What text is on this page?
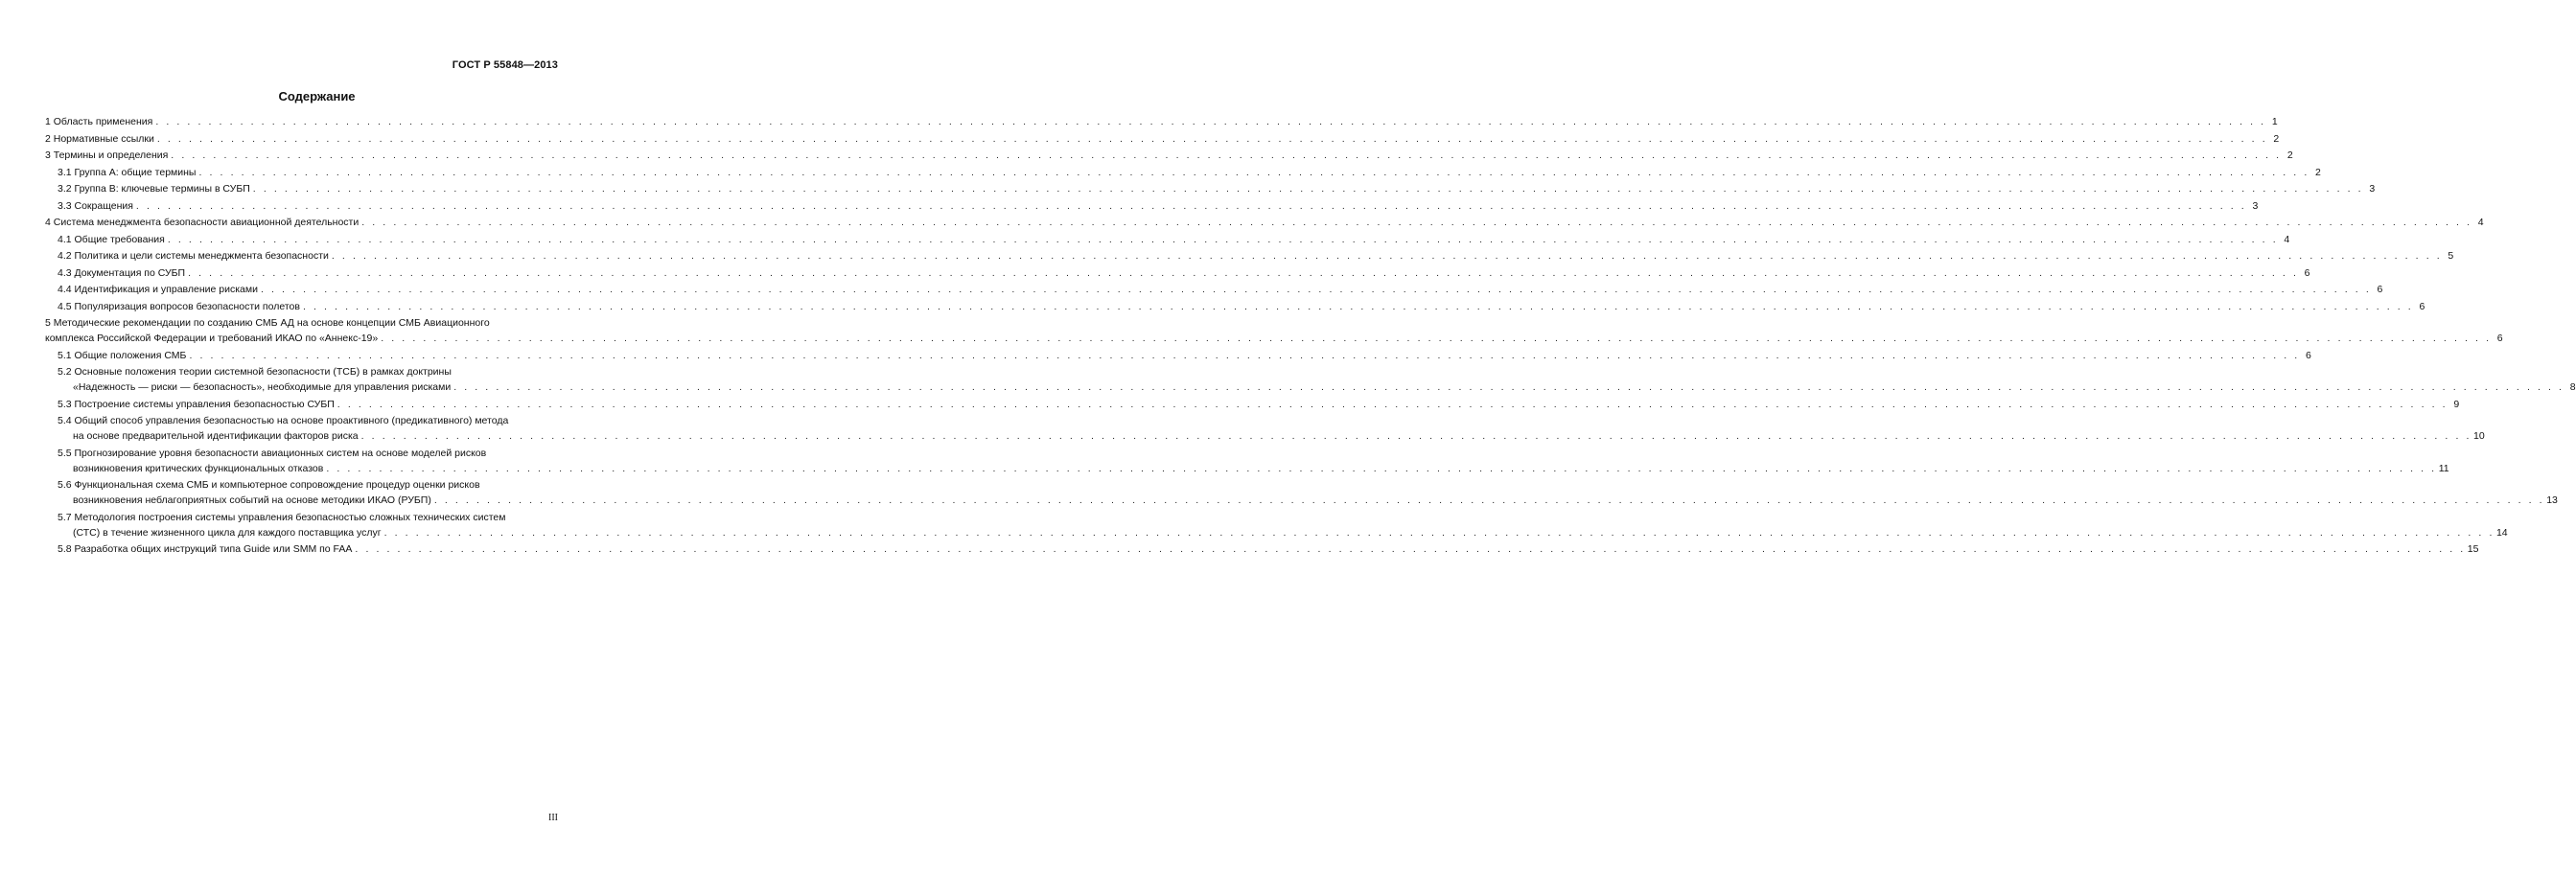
ГОСТ Р 55848—2013
Содержание
1 Область применения . . . . . . . . . . . . . . . . . . . . . . . . . . . . . . . . . . . . . . . . . . . . . . . . . . . . . . . . . . . . . . . . . . . . . . . . . . . . . . . . . . . . . . . . . . . . . . . . . . . . . . . . . . . . . . . . . . . . . . . . . . . . . . . . . . . . . . . . . . . . . . . . . . . . . . . . . . . . . . . . . . . . . . . . . . . . . . . . . . . . . . . . . . . . . . . . . . . . . . . . 1
2 Нормативные ссылки . . . . . . . . . . . . . . . . . . . . . . . . . . . . . . . . . . . . . . . . . . . . . . . . . . . . . . . . . . . . . . . . . . . . . . . . . . . . . . . . . . . . . . . . . . . . . . . . . . . . . . . . . . . . . . . . . . . . . . . . . . . . . . . . . . . . . . . . . . . . . . . . . . . . . . . . . . . . . . . . . . . . . . . . . . . . . . . . . . . . . . . . . . . . . . . . . . . . . . . . 2
3 Термины и определения . . . . . . . . . . . . . . . . . . . . . . . . . . . . . . . . . . . . . . . . . . . . . . . . . . . . . . . . . . . . . . . . . . . . . . . . . . . . . . . . . . . . . . . . . . . . . . . . . . . . . . . . . . . . . . . . . . . . . . . . . . . . . . . . . . . . . . . . . . . . . . . . . . . . . . . . . . . . . . . . . . . . . . . . . . . . . . . . . . . . . . . . . . . . . . . . . . . . . . . . 2
3.1 Группа А: общие термины . . . . . . . . . . . . . . . . . . . . . . . . . . . . . . . . . . . . . . . . . . . . . . . . . . . . . . . . . . . . . . . . . . . . . . . . . . . . . . . . . . . . . . . . . . . . . . . . . . . . . . . . . . . . . . . . . . . . . . . . . . . . . . . . . . . . . . . . . . . . . . . . . . . . . . . . . . . . . . . . . . . . . . . . . . . . . . . . . . . . . . . . . . . . . . . . . . . . . . . . 2
3.2 Группа В: ключевые термины в СУБП . . . . . . . . . . . . . . . . . . . . . . . . . . . . . . . . . . . . . . . . . . . . . . . . . . . . . . . . . . . . . . . . . . . . . . . . . . . . . . . . . . . . . . . . . . . . . . . . . . . . . . . . . . . . . . . . . . . . . . . . . . . . . . . . . . . . . . . . . . . . . . . . . . . . . . . . . . . . . . . . . . . . . . . . . . . . . . . . . . . . . . . . . . . . . . . . . . . . . . . . 3
3.3 Сокращения . . . . . . . . . . . . . . . . . . . . . . . . . . . . . . . . . . . . . . . . . . . . . . . . . . . . . . . . . . . . . . . . . . . . . . . . . . . . . . . . . . . . . . . . . . . . . . . . . . . . . . . . . . . . . . . . . . . . . . . . . . . . . . . . . . . . . . . . . . . . . . . . . . . . . . . . . . . . . . . . . . . . . . . . . . . . . . . . . . . . . . . . . . . . . . . . . . . . . . . . 3
4 Система менеджмента безопасности авиационной деятельности . . . . . . . . . . . . . . . . . . . . . . . . . . . . . . . . . . . . . . . . . . . . . . . . . . . . . . . . . . . . . . . . . . . . . . . . . . . . . . . . . . . . . . . . . . . . . . . . . . . . . . . . . . . . . . . . . . . . . . . . . . . . . . . . . . . . . . . . . . . . . . . . . . . . . . . . . . . . . . . . . . . . . . . . . . . . . . . . . . . . . . . . . . . . . . . . . . . . . . . . 4
4.1 Общие требования . . . . . . . . . . . . . . . . . . . . . . . . . . . . . . . . . . . . . . . . . . . . . . . . . . . . . . . . . . . . . . . . . . . . . . . . . . . . . . . . . . . . . . . . . . . . . . . . . . . . . . . . . . . . . . . . . . . . . . . . . . . . . . . . . . . . . . . . . . . . . . . . . . . . . . . . . . . . . . . . . . . . . . . . . . . . . . . . . . . . . . . . . . . . . . . . . . . . . . . . 4
4.2 Политика и цели системы менеджмента безопасности . . . . . . . . . . . . . . . . . . . . . . . . . . . . . . . . . . . . . . . . . . . . . . . . . . . . . . . . . . . . . . . . . . . . . . . . . . . . . . . . . . . . . . . . . . . . . . . . . . . . . . . . . . . . . . . . . . . . . . . . . . . . . . . . . . . . . . . . . . . . . . . . . . . . . . . . . . . . . . . . . . . . . . . . . . . . . . . . . . . . . . . . . . . . . . . . . . . . . . . . 5
4.3 Документация по СУБП . . . . . . . . . . . . . . . . . . . . . . . . . . . . . . . . . . . . . . . . . . . . . . . . . . . . . . . . . . . . . . . . . . . . . . . . . . . . . . . . . . . . . . . . . . . . . . . . . . . . . . . . . . . . . . . . . . . . . . . . . . . . . . . . . . . . . . . . . . . . . . . . . . . . . . . . . . . . . . . . . . . . . . . . . . . . . . . . . . . . . . . . . . . . . . . . . . . . . . . . 6
4.4 Идентификация и управление рисками . . . . . . . . . . . . . . . . . . . . . . . . . . . . . . . . . . . . . . . . . . . . . . . . . . . . . . . . . . . . . . . . . . . . . . . . . . . . . . . . . . . . . . . . . . . . . . . . . . . . . . . . . . . . . . . . . . . . . . . . . . . . . . . . . . . . . . . . . . . . . . . . . . . . . . . . . . . . . . . . . . . . . . . . . . . . . . . . . . . . . . . . . . . . . . . . . . . . . . . . 6
4.5 Популяризация вопросов безопасности полетов . . . . . . . . . . . . . . . . . . . . . . . . . . . . . . . . . . . . . . . . . . . . . . . . . . . . . . . . . . . . . . . . . . . . . . . . . . . . . . . . . . . . . . . . . . . . . . . . . . . . . . . . . . . . . . . . . . . . . . . . . . . . . . . . . . . . . . . . . . . . . . . . . . . . . . . . . . . . . . . . . . . . . . . . . . . . . . . . . . . . . . . . . . . . . . . . . . . . . . . . 6
5 Методические рекомендации по созданию СМБ АД на основе концепции СМБ Авиационного
комплекса Российской Федерации и требований ИКАО по «Аннекс-19» . . . . . . . . . . . . . . . . . . . . . . . . . . . . . . . . . . . . . . . . . . . . . . . . . . . . . . . . . . . . . . . . . . . . . . . . . . . . . . . . . . . . . . . . . . . . . . . . . . . . . . . . . . . . . . . . . . . . . . . . . . . . . . . . . . . . . . . . . . . . . . . . . . . . . . . . . . . . . . . . . . . . . . . . . . . . . . . . . . . . . . . . . . . . . . . . . . . . . . . . 6
5.1 Общие положения СМБ . . . . . . . . . . . . . . . . . . . . . . . . . . . . . . . . . . . . . . . . . . . . . . . . . . . . . . . . . . . . . . . . . . . . . . . . . . . . . . . . . . . . . . . . . . . . . . . . . . . . . . . . . . . . . . . . . . . . . . . . . . . . . . . . . . . . . . . . . . . . . . . . . . . . . . . . . . . . . . . . . . . . . . . . . . . . . . . . . . . . . . . . . . . . . . . . . . . . . . . . 6
5.2 Основные положения теории системной безопасности (ТСБ) в рамках доктрины
«Надежность — риски — безопасность», необходимые для управления рисками . . . . . . . . . . . . . . . . . . . . . . . . . . . . . . . . . . . . . . . . . . . . . . . . . . . . . . . . . . . . . . . . . . . . . . . . . . . . . . . . . . . . . . . . . . . . . . . . . . . . . . . . . . . . . . . . . . . . . . . . . . . . . . . . . . . . . . . . . . . . . . . . . . . . . . . . . . . . . . . . . . . . . . . . . . . . . . . . . . . . . . . . . . . . . . . . . . . . . . . . 8
5.3 Построение системы управления безопасностью СУБП . . . . . . . . . . . . . . . . . . . . . . . . . . . . . . . . . . . . . . . . . . . . . . . . . . . . . . . . . . . . . . . . . . . . . . . . . . . . . . . . . . . . . . . . . . . . . . . . . . . . . . . . . . . . . . . . . . . . . . . . . . . . . . . . . . . . . . . . . . . . . . . . . . . . . . . . . . . . . . . . . . . . . . . . . . . . . . . . . . . . . . . . . . . . . . . . . . . . . . . . 9
5.4 Общий способ управления безопасностью на основе проактивного (предикативного) метода
на основе предварительной идентификации факторов риска . . . . . . . . . . . . . . . . . . . . . . . . . . . . . . . . . . . . . . . . . . . . . . . . . . . . . . . . . . . . . . . . . . . . . . . . . . . . . . . . . . . . . . . . . . . . . . . . . . . . . . . . . . . . . . . . . . . . . . . . . . . . . . . . . . . . . . . . . . . . . . . . . . . . . . . . . . . . . . . . . . . . . . . . . . . . . . . . . . . . . . . . . . . . . . . . . . . . . . . . 10
5.5 Прогнозирование уровня безопасности авиационных систем на основе моделей рисков
возникновения критических функциональных отказов . . . . . . . . . . . . . . . . . . . . . . . . . . . . . . . . . . . . . . . . . . . . . . . . . . . . . . . . . . . . . . . . . . . . . . . . . . . . . . . . . . . . . . . . . . . . . . . . . . . . . . . . . . . . . . . . . . . . . . . . . . . . . . . . . . . . . . . . . . . . . . . . . . . . . . . . . . . . . . . . . . . . . . . . . . . . . . . . . . . . . . . . . . . . . . . . . . . . . . . . 11
5.6 Функциональная схема СМБ и компьютерное сопровождение процедур оценки рисков
возникновения неблагоприятных событий на основе методики ИКАО (РУБП) . . . . . . . . . . . . . . . . . . . . . . . . . . . . . . . . . . . . . . . . . . . . . . . . . . . . . . . . . . . . . . . . . . . . . . . . . . . . . . . . . . . . . . . . . . . . . . . . . . . . . . . . . . . . . . . . . . . . . . . . . . . . . . . . . . . . . . . . . . . . . . . . . . . . . . . . . . . . . . . . . . . . . . . . . . . . . . . . . . . . . . . . . . . . . . . . . . . . . . . . 13
5.7 Методология построения системы управления безопасностью сложных технических систем
(СТС) в течение жизненного цикла для каждого поставщика услуг . . . . . . . . . . . . . . . . . . . . . . . . . . . . . . . . . . . . . . . . . . . . . . . . . . . . . . . . . . . . . . . . . . . . . . . . . . . . . . . . . . . . . . . . . . . . . . . . . . . . . . . . . . . . . . . . . . . . . . . . . . . . . . . . . . . . . . . . . . . . . . . . . . . . . . . . . . . . . . . . . . . . . . . . . . . . . . . . . . . . . . . . . . . . . . . . . . . . . . . . 14
5.8 Разработка общих инструкций типа Guide или SMM по FAA . . . . . . . . . . . . . . . . . . . . . . . . . . . . . . . . . . . . . . . . . . . . . . . . . . . . . . . . . . . . . . . . . . . . . . . . . . . . . . . . . . . . . . . . . . . . . . . . . . . . . . . . . . . . . . . . . . . . . . . . . . . . . . . . . . . . . . . . . . . . . . . . . . . . . . . . . . . . . . . . . . . . . . . . . . . . . . . . . . . . . . . . . . . . . . . . . . . . . . . . 15
III
